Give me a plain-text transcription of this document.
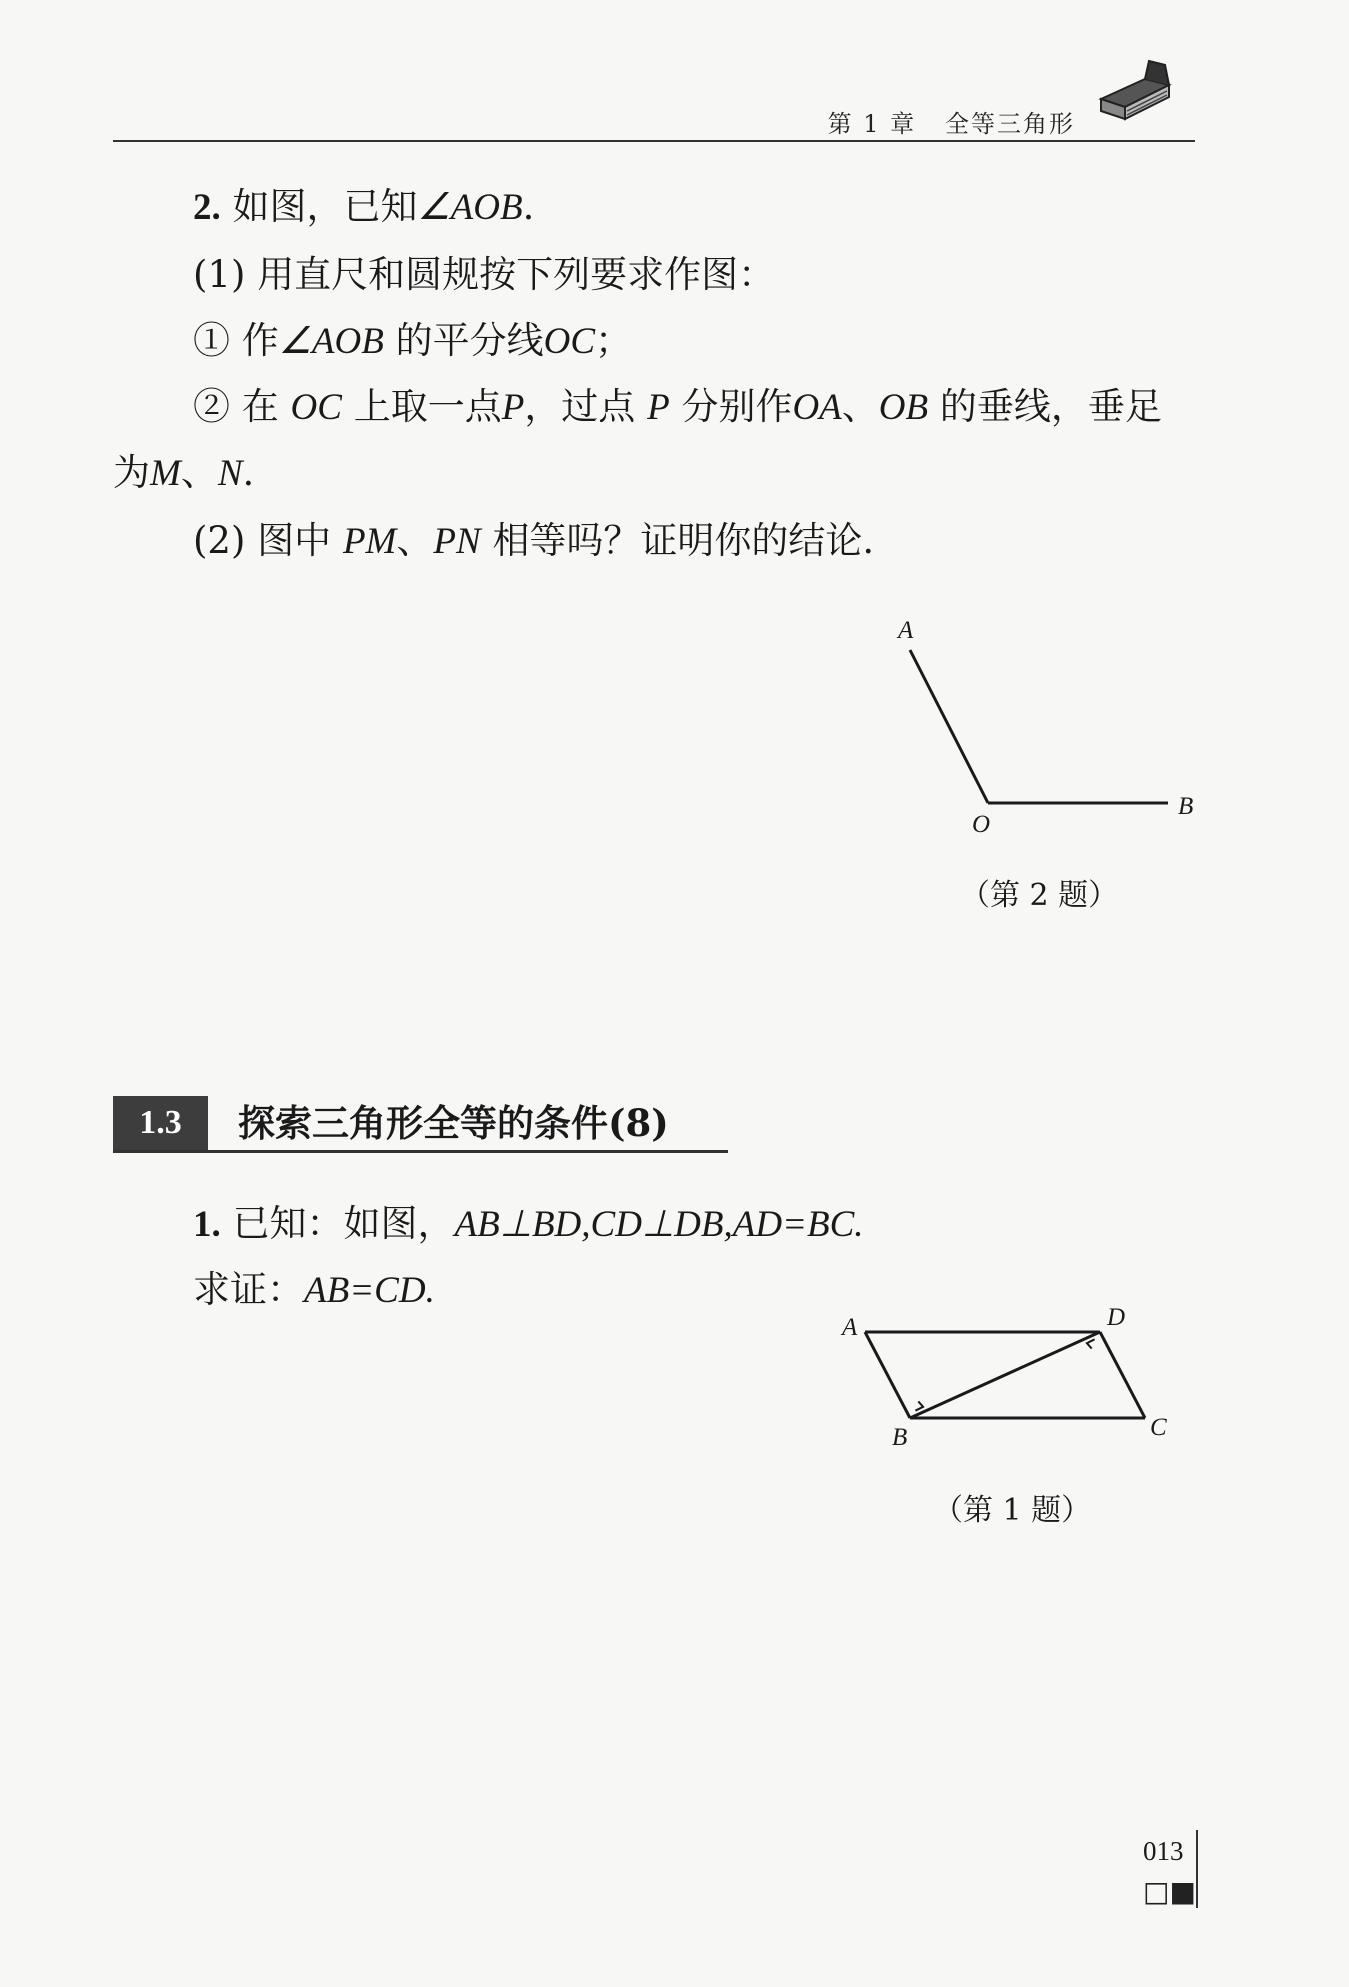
第 1 章 全等三角形
2. 如图，已知∠AOB.
(1) 用直尺和圆规按下列要求作图：
① 作∠AOB 的平分线OC；
② 在 OC 上取一点P，过点 P 分别作OA、OB 的垂线，垂足
为M、N.
(2) 图中 PM、PN 相等吗？证明你的结论.
A
O
B
（第 2 题）
1.3	探索三角形全等的条件(8)
1. 已知：如图，AB⊥BD,CD⊥DB,AD=BC.
求证：AB=CD.
A
B	C
D
（第 1 题）
013
□■
